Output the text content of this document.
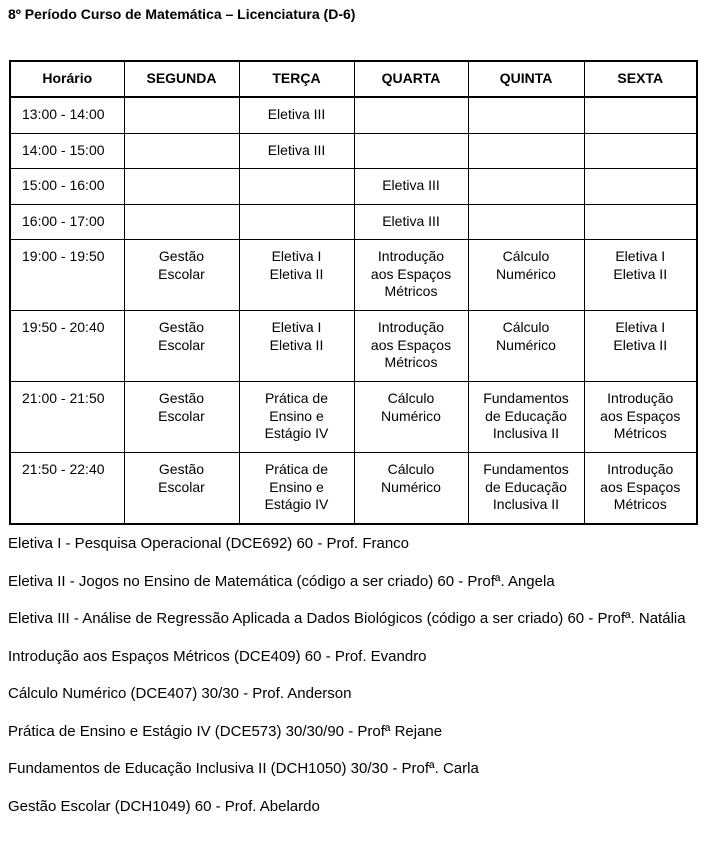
8º Período Curso de Matemática – Licenciatura (D-6)
Horário	SEGUNDA	TERÇA	QUARTA	QUINTA	SEXTA
13:00 - 14:00		Eletiva III			

14:00 - 15:00		Eletiva III			

15:00 - 16:00			Eletiva III		

16:00 - 17:00			Eletiva III		

19:00 - 19:50	Gestão
Escolar	Eletiva I
Eletiva II	Introdução
aos Espaços
Métricos	Cálculo
Numérico	Eletiva I
Eletiva II

19:50 - 20:40	Gestão
Escolar	Eletiva I
Eletiva II	Introdução
aos Espaços
Métricos	Cálculo
Numérico	Eletiva I
Eletiva II

21:00 - 21:50	Gestão
Escolar	Prática de
Ensino e
Estágio IV	Cálculo
Numérico	Fundamentos
de Educação
Inclusiva II	Introdução
aos Espaços
Métricos

21:50 - 22:40	Gestão
Escolar	Prática de
Ensino e
Estágio IV	Cálculo
Numérico	Fundamentos
de Educação
Inclusiva II	Introdução
aos Espaços
Métricos

Eletiva I - Pesquisa Operacional (DCE692) 60 - Prof. Franco

Eletiva II - Jogos no Ensino de Matemática (código a ser criado) 60 - Profª. Angela

Eletiva III - Análise de Regressão Aplicada a Dados Biológicos (código a ser criado) 60 - Profª. Natália

Introdução aos Espaços Métricos (DCE409) 60 - Prof. Evandro

Cálculo Numérico (DCE407) 30/30 - Prof. Anderson

Prática de Ensino e Estágio IV (DCE573) 30/30/90 - Profª Rejane

Fundamentos de Educação Inclusiva II (DCH1050) 30/30 - Profª. Carla

Gestão Escolar (DCH1049) 60 - Prof. Abelardo
